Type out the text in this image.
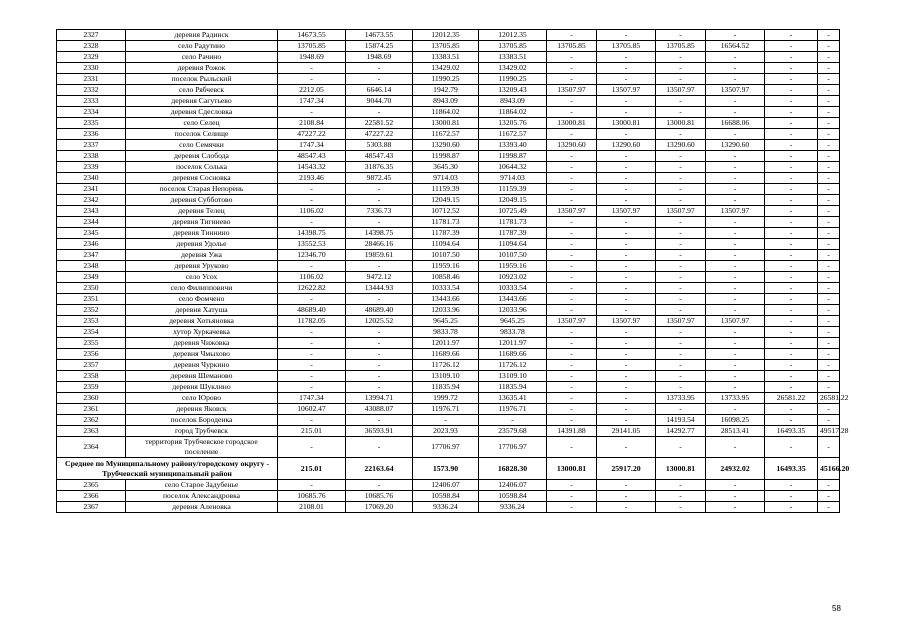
2327	деревня Радинск	14673.55	14673.55	12012.35	12012.35	-	-	-	-	-	-
2328	село Радутино	13705.85	15874.25	13705.85	13705.85	13705.85	13705.85	13705.85	16564.52	-	-
2329	село Рачино	1948.69	1948.69	13383.51	13383.51	-	-	-	-	-	-
2330	деревня Рожок	-	-	13429.02	13429.02	-	-	-	-	-	-
2331	поселок Рыльский	-	-	11990.25	11990.25	-	-	-	-	-	-
2332	село Рябчевск	2212.05	6646.14	1942.79	13209.43	13507.97	13507.97	13507.97	13507.97	-	-
2333	деревня Сагутьево	1747.34	9044.70	8943.09	8943.09	-	-	-	-	-	-
2334	деревня Сдесловка	-	-	11864.02	11864.02	-	-	-	-	-	-
2335	село Селец	2108.84	22581.52	13000.81	13205.76	13000.81	13000.81	13000.81	16688.06	-	-
2336	поселок Селище	47227.22	47227.22	11672.57	11672.57	-	-	-	-	-	-
2337	село Семячки	1747.34	5303.88	13290.60	13393.40	13290.60	13290.60	13290.60	13290.60	-	-
2338	деревня Слобода	48547.43	48547.43	11998.87	11998.87	-	-	-	-	-	-
2339	поселок Солька	14543.32	31876.35	3645.30	10644.32	-	-	-	-	-	-
2340	деревня Сосновка	2193.46	9872.45	9714.03	9714.03	-	-	-	-	-	-
2341	поселок Старая Непорень	-	-	11159.39	11159.39	-	-	-	-	-	-
2342	деревня Субботово	-	-	12049.15	12049.15	-	-	-	-	-	-
2343	деревня Телец	1106.02	7336.73	10712.52	10725.49	13507.97	13507.97	13507.97	13507.97	-	-
2344	деревня Тигинево	-	-	11781.73	11781.73	-	-	-	-	-	-
2345	деревня Тиннино	14398.75	14398.75	11787.39	11787.39	-	-	-	-	-	-
2346	деревня Удолье	13552.53	28466.16	11094.64	11094.64	-	-	-	-	-	-
2347	деревня Ужа	12346.70	19859.61	10107.50	10107.50	-	-	-	-	-	-
2348	деревня Уруково	-	-	11959.16	11959.16	-	-	-	-	-	-
2349	село Усох	1106.02	9472.12	10858.46	10923.02	-	-	-	-	-	-
2350	село Филипповичи	12622.82	13444.93	10333.54	10333.54	-	-	-	-	-	-
2351	село Фомчено	-	-	13443.66	13443.66	-	-	-	-	-	-
2352	деревня Хатуша	48689.40	48689.40	12033.96	12033.96	-	-	-	-	-	-
2353	деревня Хотьяновка	11782.05	12025.52	9645.25	9645.25	13507.97	13507.97	13507.97	13507.97	-	-
2354	хутор Хуркачевка	-	-	9833.78	9833.78	-	-	-	-	-	-
2355	деревня Чижовка	-	-	12011.97	12011.97	-	-	-	-	-	-
2356	деревня Чмыхово	-	-	11689.66	11689.66	-	-	-	-	-	-
2357	деревня Чуркино	-	-	11726.12	11726.12	-	-	-	-	-	-
2358	деревня Шеманово	-	-	13109.10	13109.10	-	-	-	-	-	-
2359	деревня Шуклино	-	-	11835.94	11835.94	-	-	-	-	-	-
2360	село Юрово	1747.34	13994.71	1999.72	13635.41	-	-	13733.95	13733.95	26581.22	26581.22
2361	деревня Яковск	10602.47	43088.07	11976.71	11976.71	-	-	-	-	-	-
2362	поселок Бороденка	-	-	-	-	-	-	14193.54	16098.25	-	-
2363	город Трубчевск	215.01	36593.91	2023.93	23579.68	14391.88	29141.05	14292.77	28513.41	16493.35	49517.28
2364	территория Трубчевское городское поселение	-	-	17706.97	17706.97	-	-	-	-	-	-
Среднее по Муниципальному району/городскому округу - Трубчевский муниципальный район		215.01	22163.64	1573.90	16828.30	13000.81	25917.20	13000.81	24932.02	16493.35	45166.20
2365	село Старое Задубенье	-	-	12406.07	12406.07	-	-	-	-	-	-
2366	поселок Александровка	10685.76	10685.76	10598.84	10598.84	-	-	-	-	-	-
2367	деревня Аленовка	2108.01	17069.20	9336.24	9336.24	-	-	-	-	-	-
58
